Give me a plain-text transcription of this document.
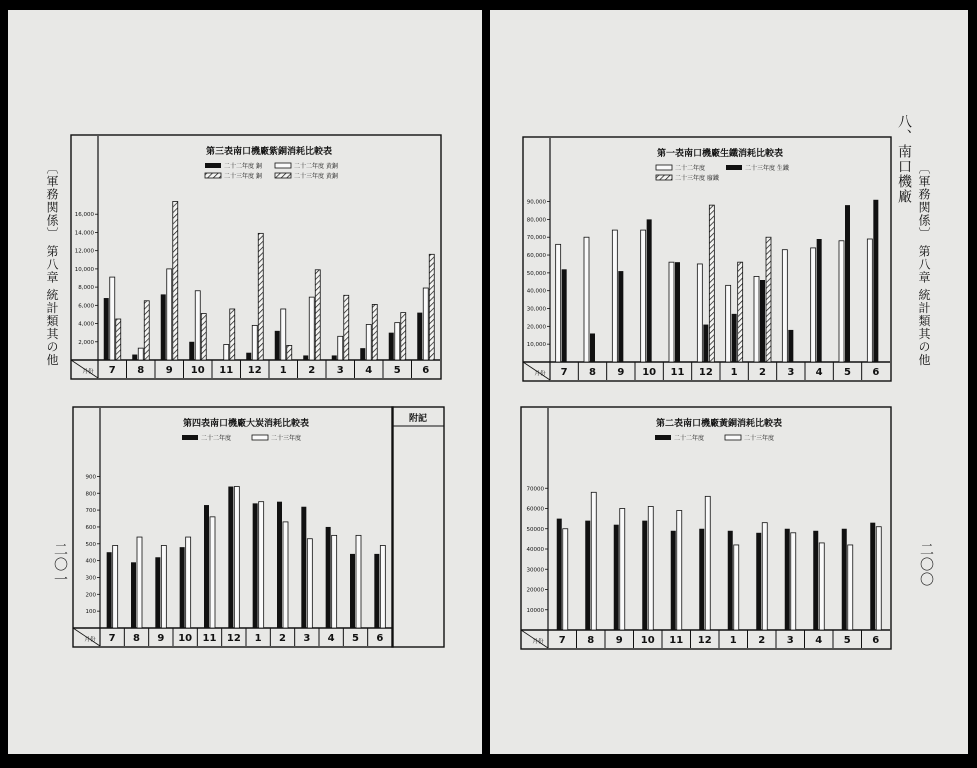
〔軍務関係〕 第八章 統計類其の他
二〇一
第三表南口機廠紫銅消耗比較表
二十二年度 銅	二十二年度 黄銅
二十三年度 銅	二十三年度 黄銅
2,000
4,000
6,000
8,000
10,000
12,000
14,000
16,000
月份 7 8 9 10 11 12 1 2 3 4 5 6
附記
第四表南口機廠大炭消耗比較表
二十二年度	二十三年度
100
200
300
400
500
600
700
800
900
月份 7 8 9 10 11 12 1 2 3 4 5 6
八、南口機廠
〔軍務関係〕 第八章 統計類其の他
二〇〇
第一表南口機廠生鐵消耗比較表
二十二年度	二十三年度 生鐵
二十三年度 廢鐵
10,000
20,000
30,000
40,000
50,000
60,000
70,000
80,000
90,000
月份 7 8 9 10 11 12 1 2 3 4 5 6
第二表南口機廠黃銅消耗比較表
二十二年度	二十三年度
10000
20000
30000
40000
50000
60000
70000
月份 7 8 9 10 11 12 1 2 3 4 5 6
